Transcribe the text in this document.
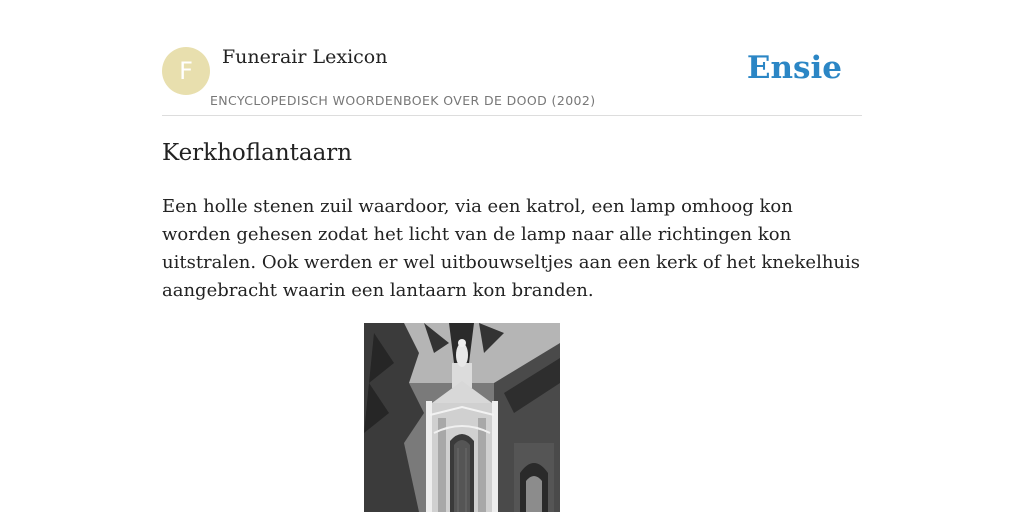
F	Funerair Lexicon
ENCYCLOPEDISCH WOORDENBOEK OVER DE DOOD (2002)
Ensie
Kerkhoflantaarn

Een holle stenen zuil waardoor, via een katrol, een lamp omhoog kon worden gehesen zodat het licht van de lamp naar alle richtingen kon uitstralen. Ook werden er wel uitbouwseltjes aan een kerk of het knekelhuis aangebracht waarin een lantaarn kon branden.
